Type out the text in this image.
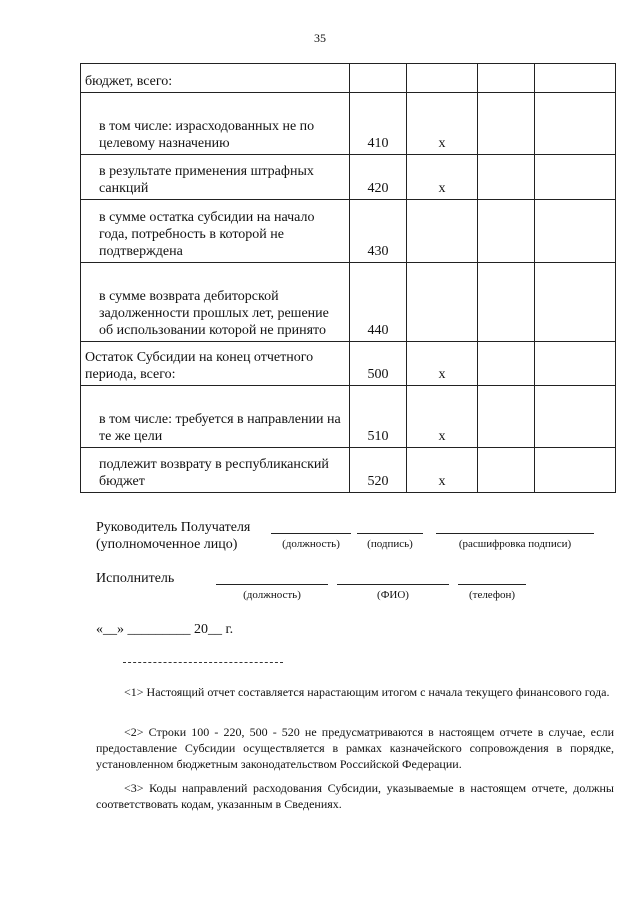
35
бюджет, всего:				
в том числе: израсходованных не по целевому назначению	410	х		
в результате применения штрафных санкций	420	х		
в сумме остатка субсидии на начало года, потребность в которой не подтверждена	430			
в сумме возврата дебиторской задолженности прошлых лет, решение об использовании которой не принято	440			
Остаток Субсидии на конец отчетного периода, всего:	500	х		
в том числе: требуется в направлении на те же цели	510	х		
подлежит возврату в республиканский бюджет	520	х		
Руководитель Получателя
(уполномоченное лицо)	(должность)	(подпись)	(расшифровка подписи)
Исполнитель
(должность)	(ФИО)	(телефон)
«__» _________ 20__ г.
<1> Настоящий отчет составляется нарастающим итогом с начала текущего финансового года.
<2> Строки 100 - 220, 500 - 520 не предусматриваются в настоящем отчете в случае, если предоставление Субсидии осуществляется в рамках казначейского сопровождения в порядке, установленном бюджетным законодательством Российской Федерации.
<3> Коды направлений расходования Субсидии, указываемые в настоящем отчете, должны соответствовать кодам, указанным в Сведениях.
